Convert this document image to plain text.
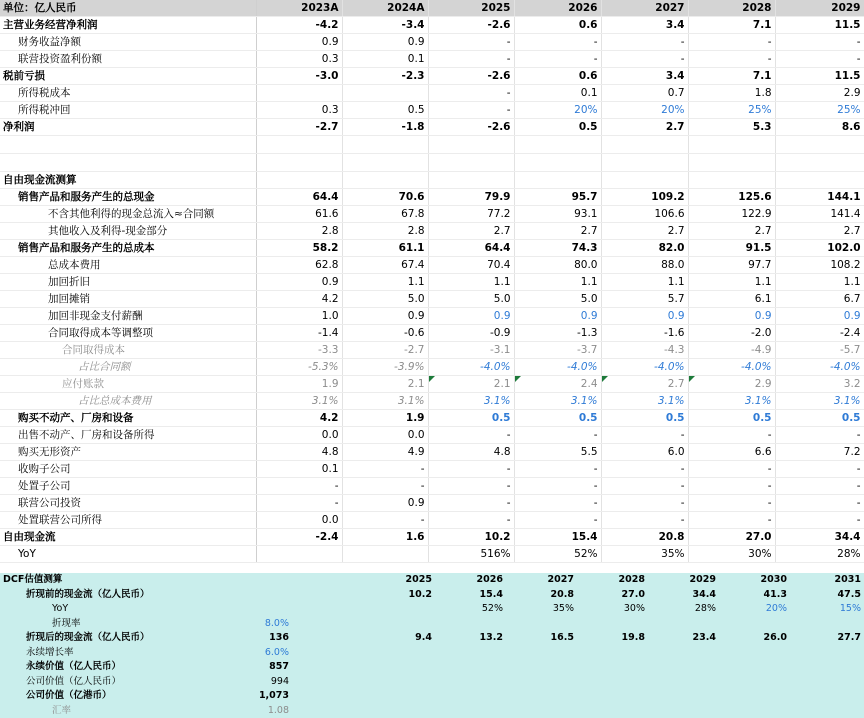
单位：亿人民币	2023A	2024A	2025	2026	2027	2028	2029
主营业务经营净利润	-4.2	-3.4	-2.6	0.6	3.4	7.1	11.5
财务收益净额	0.9	0.9	-	-	-	-	-
联营投资盈利份额	0.3	0.1	-	-	-	-	-
税前亏损	-3.0	-2.3	-2.6	0.6	3.4	7.1	11.5
所得税成本			-	0.1	0.7	1.8	2.9
所得税冲回	0.3	0.5	-	20%	20%	25%	25%
净利润	-2.7	-1.8	-2.6	0.5	2.7	5.3	8.6

自由现金流测算							
销售产品和服务产生的总现金	64.4	70.6	79.9	95.7	109.2	125.6	144.1
不含其他利得的现金总流入≈合同额	61.6	67.8	77.2	93.1	106.6	122.9	141.4
其他收入及利得-现金部分	2.8	2.8	2.7	2.7	2.7	2.7	2.7
销售产品和服务产生的总成本	58.2	61.1	64.4	74.3	82.0	91.5	102.0
总成本费用	62.8	67.4	70.4	80.0	88.0	97.7	108.2
加回折旧	0.9	1.1	1.1	1.1	1.1	1.1	1.1
加回摊销	4.2	5.0	5.0	5.0	5.7	6.1	6.7
加回非现金支付薪酬	1.0	0.9	0.9	0.9	0.9	0.9	0.9
合同取得成本等调整项	-1.4	-0.6	-0.9	-1.3	-1.6	-2.0	-2.4
合同取得成本	-3.3	-2.7	-3.1	-3.7	-4.3	-4.9	-5.7
占比合同额	-5.3%	-3.9%	-4.0%	-4.0%	-4.0%	-4.0%	-4.0%
应付账款	1.9	2.1	2.1	2.4	2.7	2.9	3.2
占比总成本费用	3.1%	3.1%	3.1%	3.1%	3.1%	3.1%	3.1%
购买不动产、厂房和设备	4.2	1.9	0.5	0.5	0.5	0.5	0.5
出售不动产、厂房和设备所得	0.0	0.0	-	-	-	-	-
购买无形资产	4.8	4.9	4.8	5.5	6.0	6.6	7.2
收购子公司	0.1	-	-	-	-	-	-
处置子公司	-	-	-	-	-	-	-
联营公司投资	-	0.9	-	-	-	-	-
处置联营公司所得	0.0	-	-	-	-	-	-
自由现金流	-2.4	1.6	10.2	15.4	20.8	27.0	34.4
YoY			516%	52%	35%	30%	28%
DCF估值测算			2025	2026	2027	2028	2029	2030	2031
折现前的现金流（亿人民币）			10.2	15.4	20.8	27.0	34.4	41.3	47.5
YoY				52%	35%	30%	28%	20%	15%
折现率	8.0%								
折现后的现金流（亿人民币）	136		9.4	13.2	16.5	19.8	23.4	26.0	27.7
永续增长率	6.0%								
永续价值（亿人民币）	857								
公司价值（亿人民币）	994								
公司价值（亿港币）	1,073								
汇率	1.08								
